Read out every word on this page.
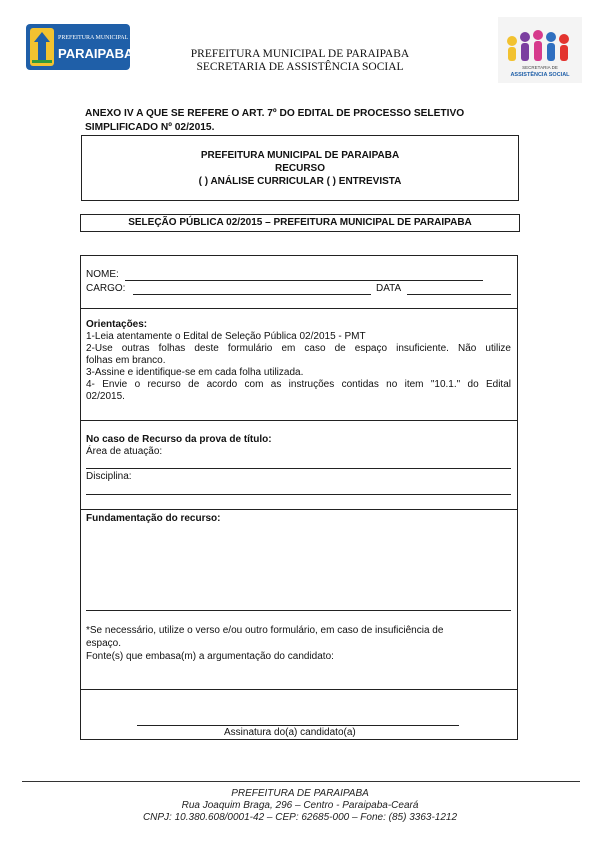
PREFEITURA MUNICIPAL DE
PARAIPABA	PREFEITURA MUNICIPAL DE PARAIPABA
SECRETARIA DE ASSISTÊNCIA SOCIAL	SECRETARIA DE
ASSISTÊNCIA SOCIAL
ANEXO IV A QUE SE REFERE O ART. 7º DO EDITAL DE PROCESSO SELETIVO
SIMPLIFICADO Nº 02/2015.
PREFEITURA MUNICIPAL DE PARAIPABA
RECURSO
( ) ANÁLISE CURRICULAR ( ) ENTREVISTA
SELEÇÃO PÚBLICA 02/2015 – PREFEITURA MUNICIPAL DE PARAIPABA
NOME:
CARGO:	DATA
Orientações:
1-Leia atentamente o Edital de Seleção Pública 02/2015 - PMT
2-Use outras folhas deste formulário em caso de espaço insuficiente. Não utilize
folhas em branco.
3-Assine e identifique-se em cada folha utilizada.
4- Envie o recurso de acordo com as instruções contidas no item "10.1." do Edital
02/2015.
No caso de Recurso da prova de título:
Área de atuação:
Disciplina:
Fundamentação do recurso:
*Se necessário, utilize o verso e/ou outro formulário, em caso de insuficiência de
espaço.
Fonte(s) que embasa(m) a argumentação do candidato:
Assinatura do(a) candidato(a)
PREFEITURA DE PARAIPABA
Rua Joaquim Braga, 296 – Centro - Paraipaba-Ceará
CNPJ: 10.380.608/0001-42 – CEP: 62685-000 – Fone: (85) 3363-1212
